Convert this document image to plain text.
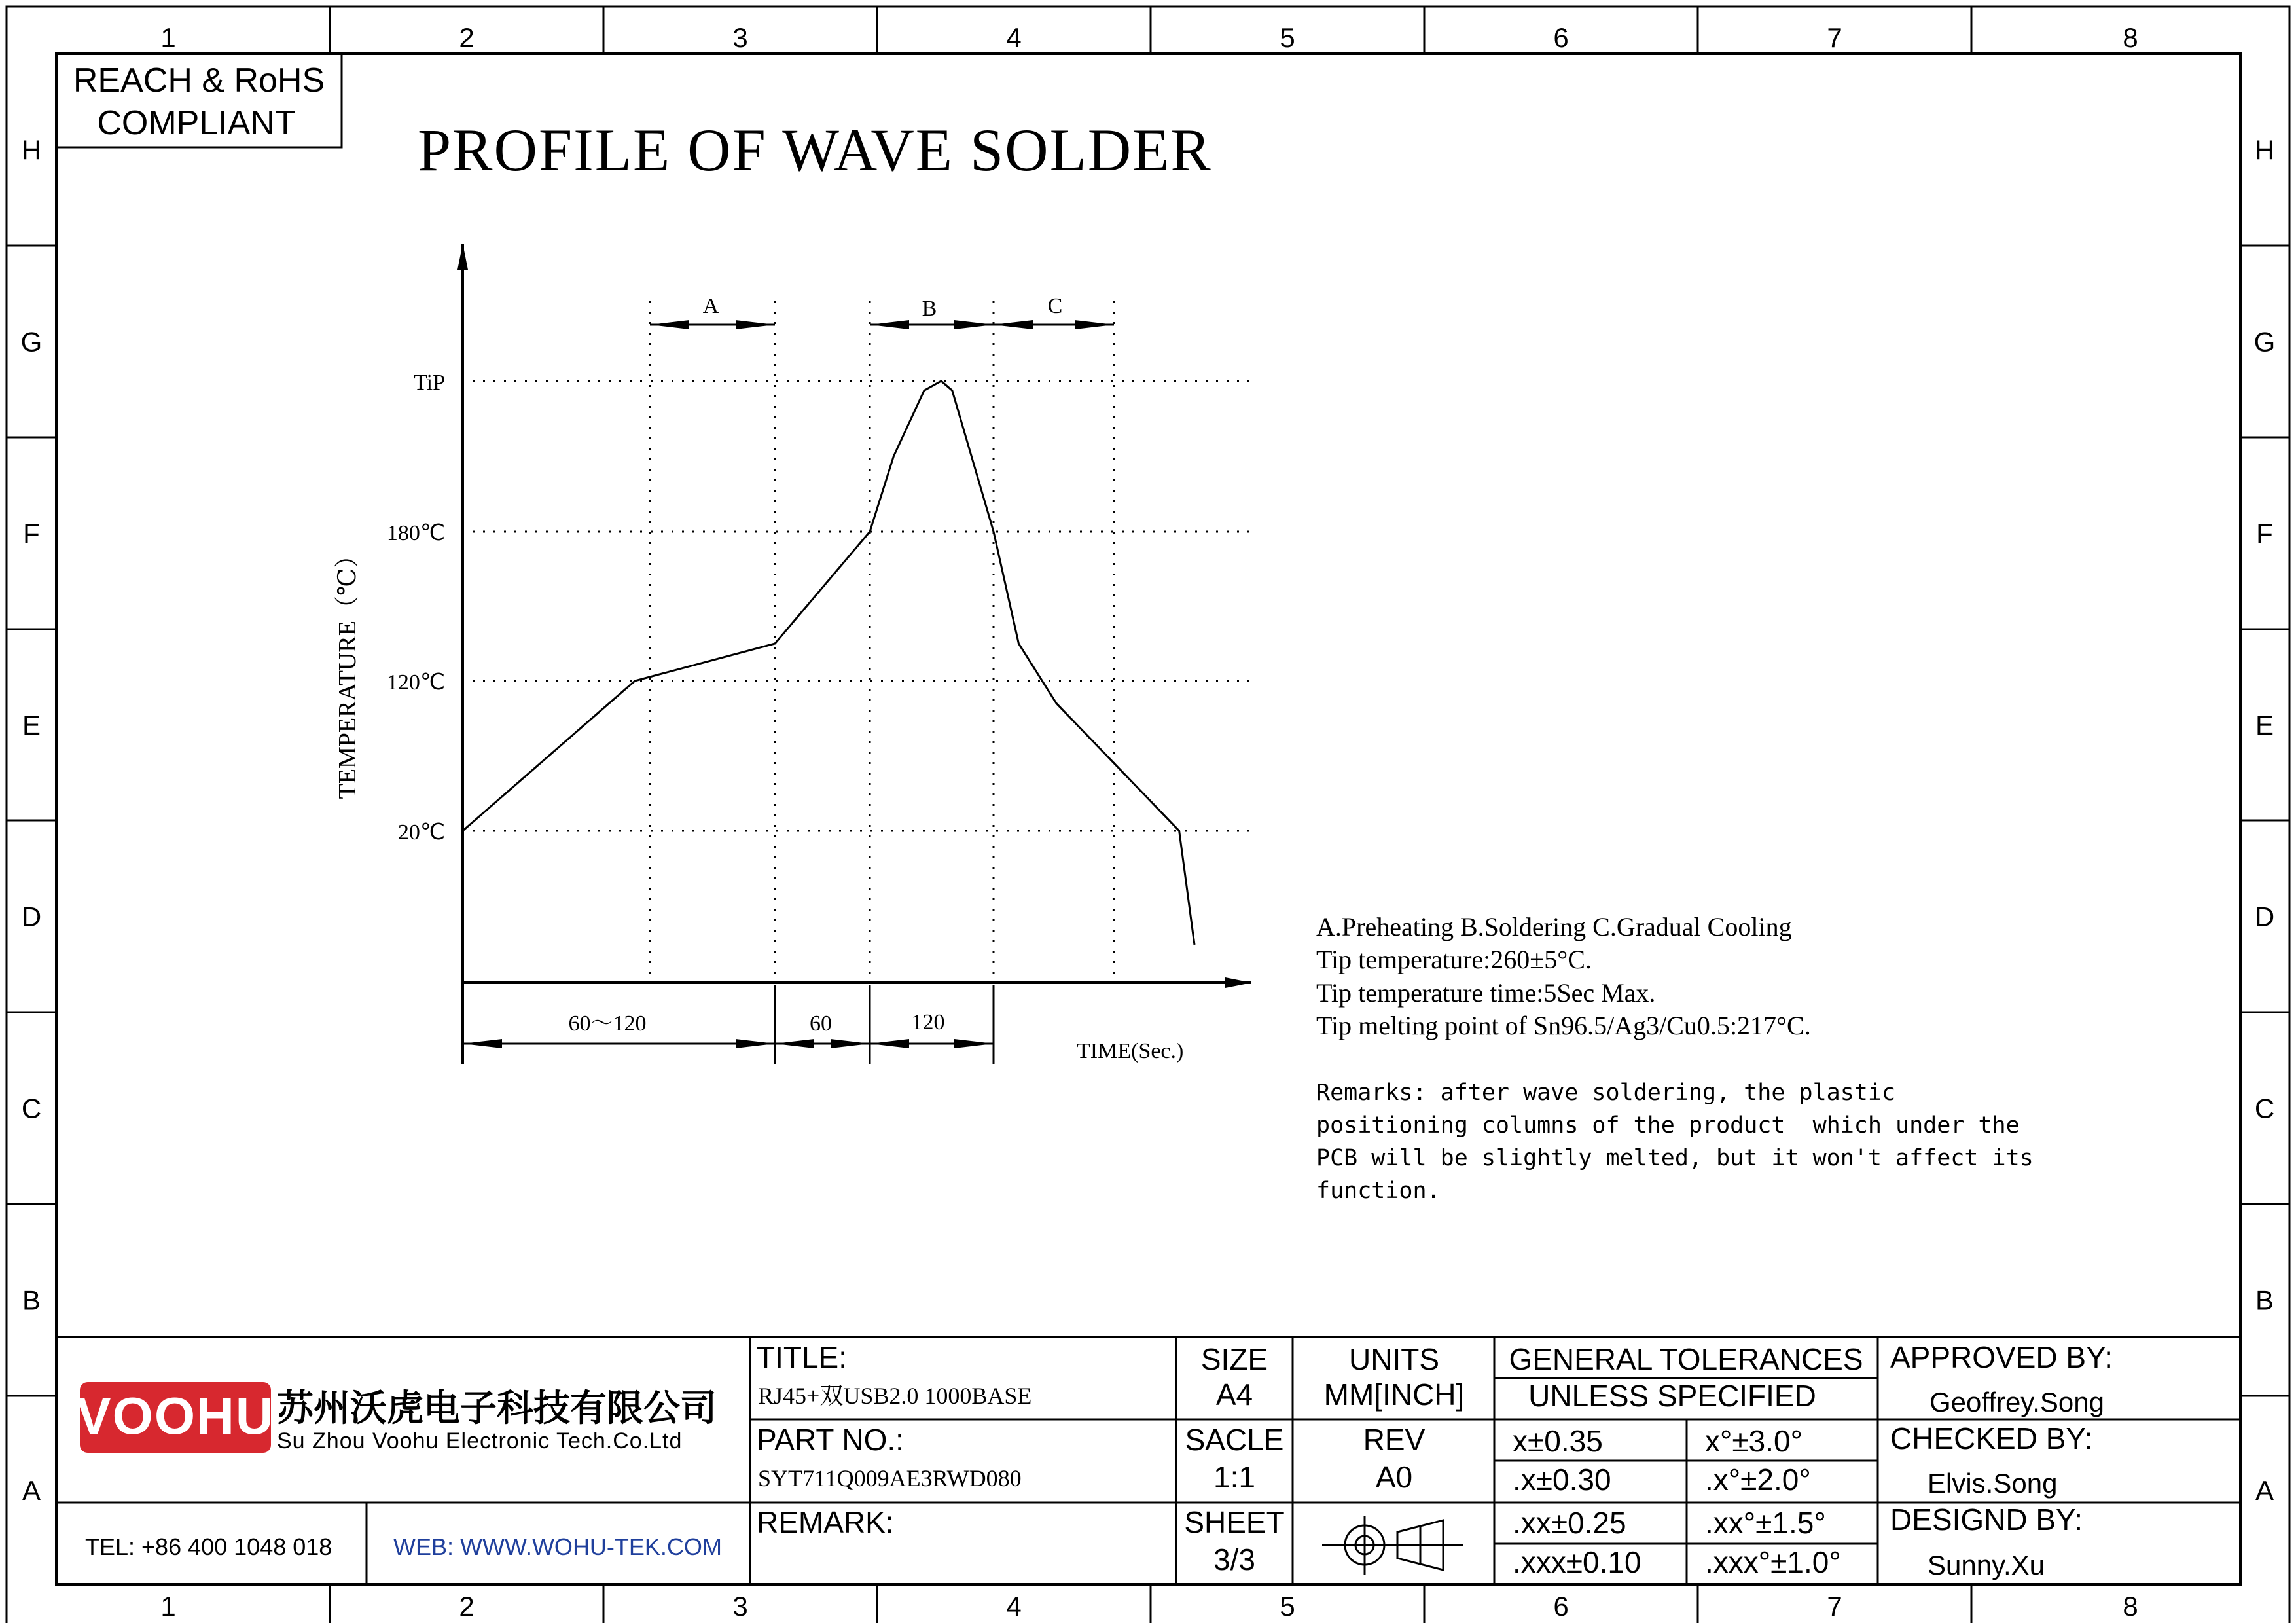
1
1
2
2
3
3
4
4
5
5
6
6
7
7
8
8
H	H
G	G
F	F
E	E
D	D
C	C
B	B
A	A
REACH & RoHS
COMPLIANT PROFILE OF WAVE SOLDER
TiP
180℃
120℃
20℃
TEMPERATURE（℃）
TIME(Sec.)
A	B	C
60～120	60	120
A.Preheating B.Soldering C.Gradual Cooling
Tip temperature:260±5°C.
Tip temperature time:5Sec Max.
Tip melting point of Sn96.5/Ag3/Cu0.5:217°C.
Remarks: after wave soldering, the plastic
positioning columns of the product  which under the
PCB will be slightly melted, but it won't affect its
function.
VOOHU 苏州沃虎电子科技有限公司
Su Zhou Voohu Electronic Tech.Co.Ltd
TEL: +86 400 1048 018	WEB: WWW.WOHU-TEK.COM
TITLE:
RJ45+双USB2.0 1000BASE
PART NO.:
SYT711Q009AE3RWD080
REMARK:
SIZE
A4
SACLE
1:1
SHEET
3/3
UNITS
MM[INCH]
REV
A0
GENERAL TOLERANCES
UNLESS SPECIFIED
x±0.35	x°±3.0°
.x±0.30	.x°±2.0°
.xx±0.25	.xx°±1.5°
.xxx±0.10 .xxx°±1.0°
APPROVED BY:
Geoffrey.Song
CHECKED BY:
Elvis.Song
DESIGND BY:
Sunny.Xu
